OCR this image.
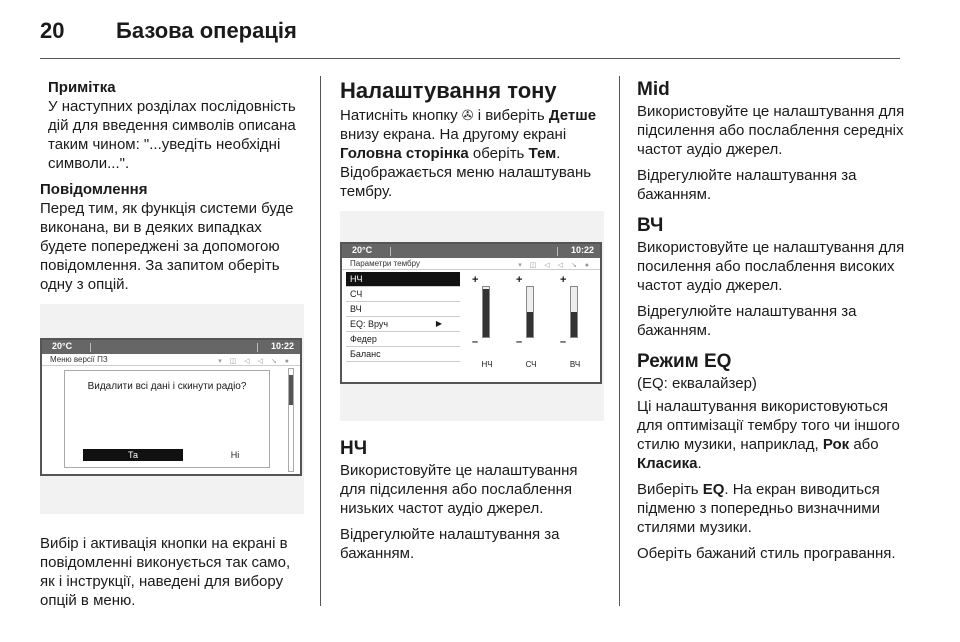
20 Базова операція
Примітка

У наступних розділах послідовність дій для введення символів описана таким чином: "...уведіть необхідні символи...".

Повідомлення

Перед тим, як функція системи буде виконана, ви в деяких випадках будете попереджені за допомогою повідомлення. За запитом оберіть одну з опцій.

20°C	10:22
Меню версії ПЗ	▾ ◫ ◁ ◁ ↘ ●
Видалити всі дані і скинути радіо?
Та	Ні

Вибір і активація кнопки на екрані в повідомленні виконується так само, як і інструкції, наведені для вибору опцій в меню.

Налаштування тону

Натисніть кнопку ✇ і виберіть Детше внизу екрана. На другому екрані Головна сторінка оберіть Тем. Відображається меню налаштувань тембру.

20°C	10:22
Параметри тембру	▾ ◫ ◁ ◁ ↘ ●
НЧ
СЧ
ВЧ
EQ: Вруч	▶
Федер
Баланс
+
–
НЧ
+
–
СЧ
+
–
ВЧ
НЧ

Використовуйте це налаштування для підсилення або послаблення низьких частот аудіо джерел.

Відрегулюйте налаштування за бажанням.

Mid

Використовуйте це налаштування для підсилення або послаблення середніх частот аудіо джерел.

Відрегулюйте налаштування за бажанням.

ВЧ

Використовуйте це налаштування для посилення або послаблення високих частот аудіо джерел.

Відрегулюйте налаштування за бажанням.

Режим EQ

(EQ: еквалайзер)

Ці налаштування використовуються для оптимізації тембру того чи іншого стилю музики, наприклад, Рок або Класика.

Виберіть EQ. На екран виводиться підменю з попередньо визначними стилями музики.

Оберіть бажаний стиль програвання.
